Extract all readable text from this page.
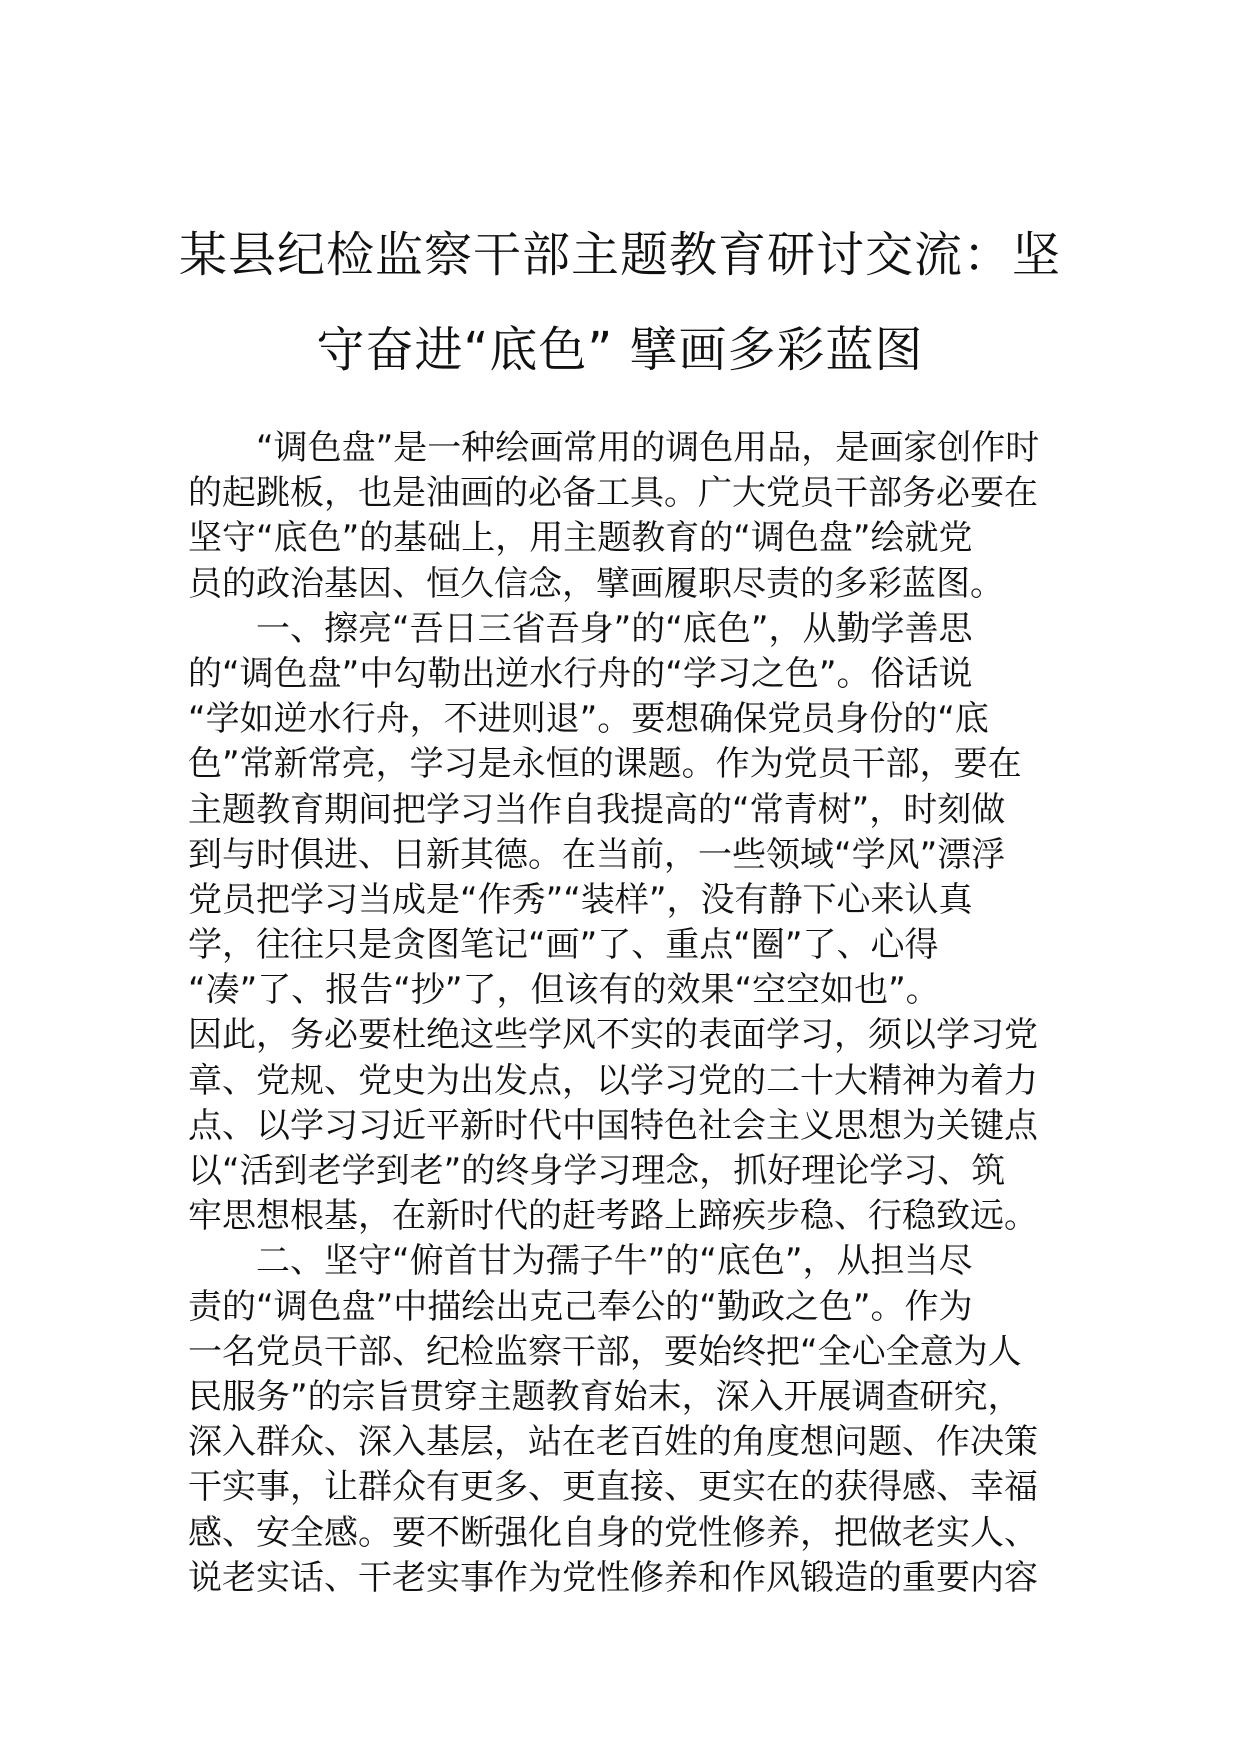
某县纪检监察干部主题教育研讨交流：坚
守奋进“底色” 擘画多彩蓝图
“调色盘”是一种绘画常用的调色用品，是画家创作时
的起跳板，也是油画的必备工具。广大党员干部务必要在
坚守“底色”的基础上，用主题教育的“调色盘”绘就党
员的政治基因、恒久信念，擘画履职尽责的多彩蓝图。
一、擦亮“吾日三省吾身”的“底色”，从勤学善思
的“调色盘”中勾勒出逆水行舟的“学习之色”。俗话说
“学如逆水行舟，不进则退”。要想确保党员身份的“底
色”常新常亮，学习是永恒的课题。作为党员干部，要在
主题教育期间把学习当作自我提高的“常青树”，时刻做
到与时俱进、日新其德。在当前，一些领域“学风”漂浮
党员把学习当成是“作秀”“装样”，没有静下心来认真
学，往往只是贪图笔记“画”了、重点“圈”了、心得
“凑”了、报告“抄”了，但该有的效果“空空如也”。
因此，务必要杜绝这些学风不实的表面学习，须以学习党
章、党规、党史为出发点，以学习党的二十大精神为着力
点、以学习习近平新时代中国特色社会主义思想为关键点
以“活到老学到老”的终身学习理念，抓好理论学习、筑
牢思想根基，在新时代的赶考路上蹄疾步稳、行稳致远。
二、坚守“俯首甘为孺子牛”的“底色”，从担当尽
责的“调色盘”中描绘出克己奉公的“勤政之色”。作为
一名党员干部、纪检监察干部，要始终把“全心全意为人
民服务”的宗旨贯穿主题教育始末，深入开展调查研究，
深入群众、深入基层，站在老百姓的角度想问题、作决策
干实事，让群众有更多、更直接、更实在的获得感、幸福
感、安全感。要不断强化自身的党性修养，把做老实人、
说老实话、干老实事作为党性修养和作风锻造的重要内容
